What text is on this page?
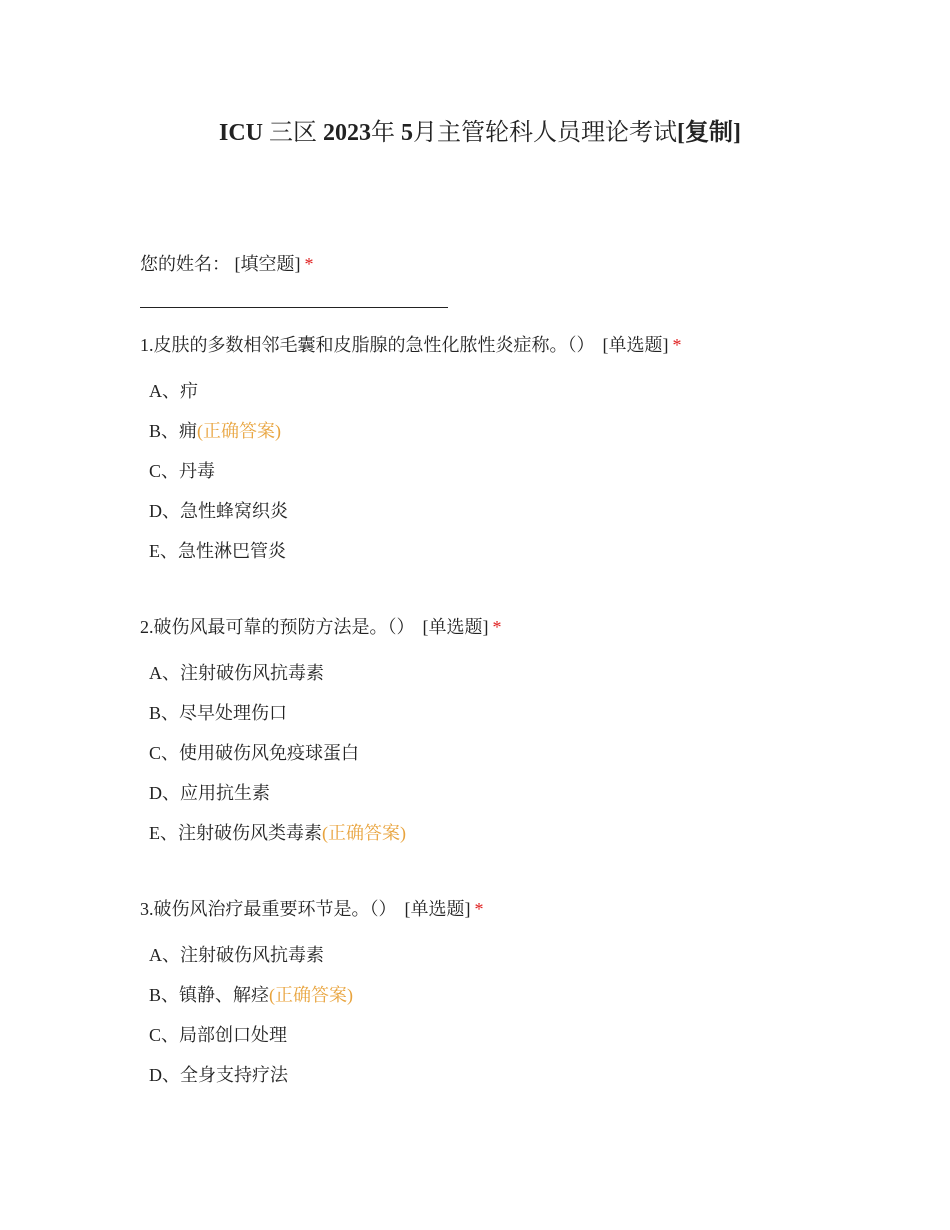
ICU 三区 2023年 5月主管轮科人员理论考试[复制]
您的姓名： [填空题] *
1.皮肤的多数相邻毛囊和皮脂腺的急性化脓性炎症称。（） [单选题] *
A、疖
B、痈(正确答案)
C、丹毒
D、急性蜂窝织炎
E、急性淋巴管炎
2.破伤风最可靠的预防方法是。（） [单选题] *
A、注射破伤风抗毒素
B、尽早处理伤口
C、使用破伤风免疫球蛋白
D、应用抗生素
E、注射破伤风类毒素(正确答案)
3.破伤风治疗最重要环节是。（） [单选题] *
A、注射破伤风抗毒素
B、镇静、解痉(正确答案)
C、局部创口处理
D、全身支持疗法
